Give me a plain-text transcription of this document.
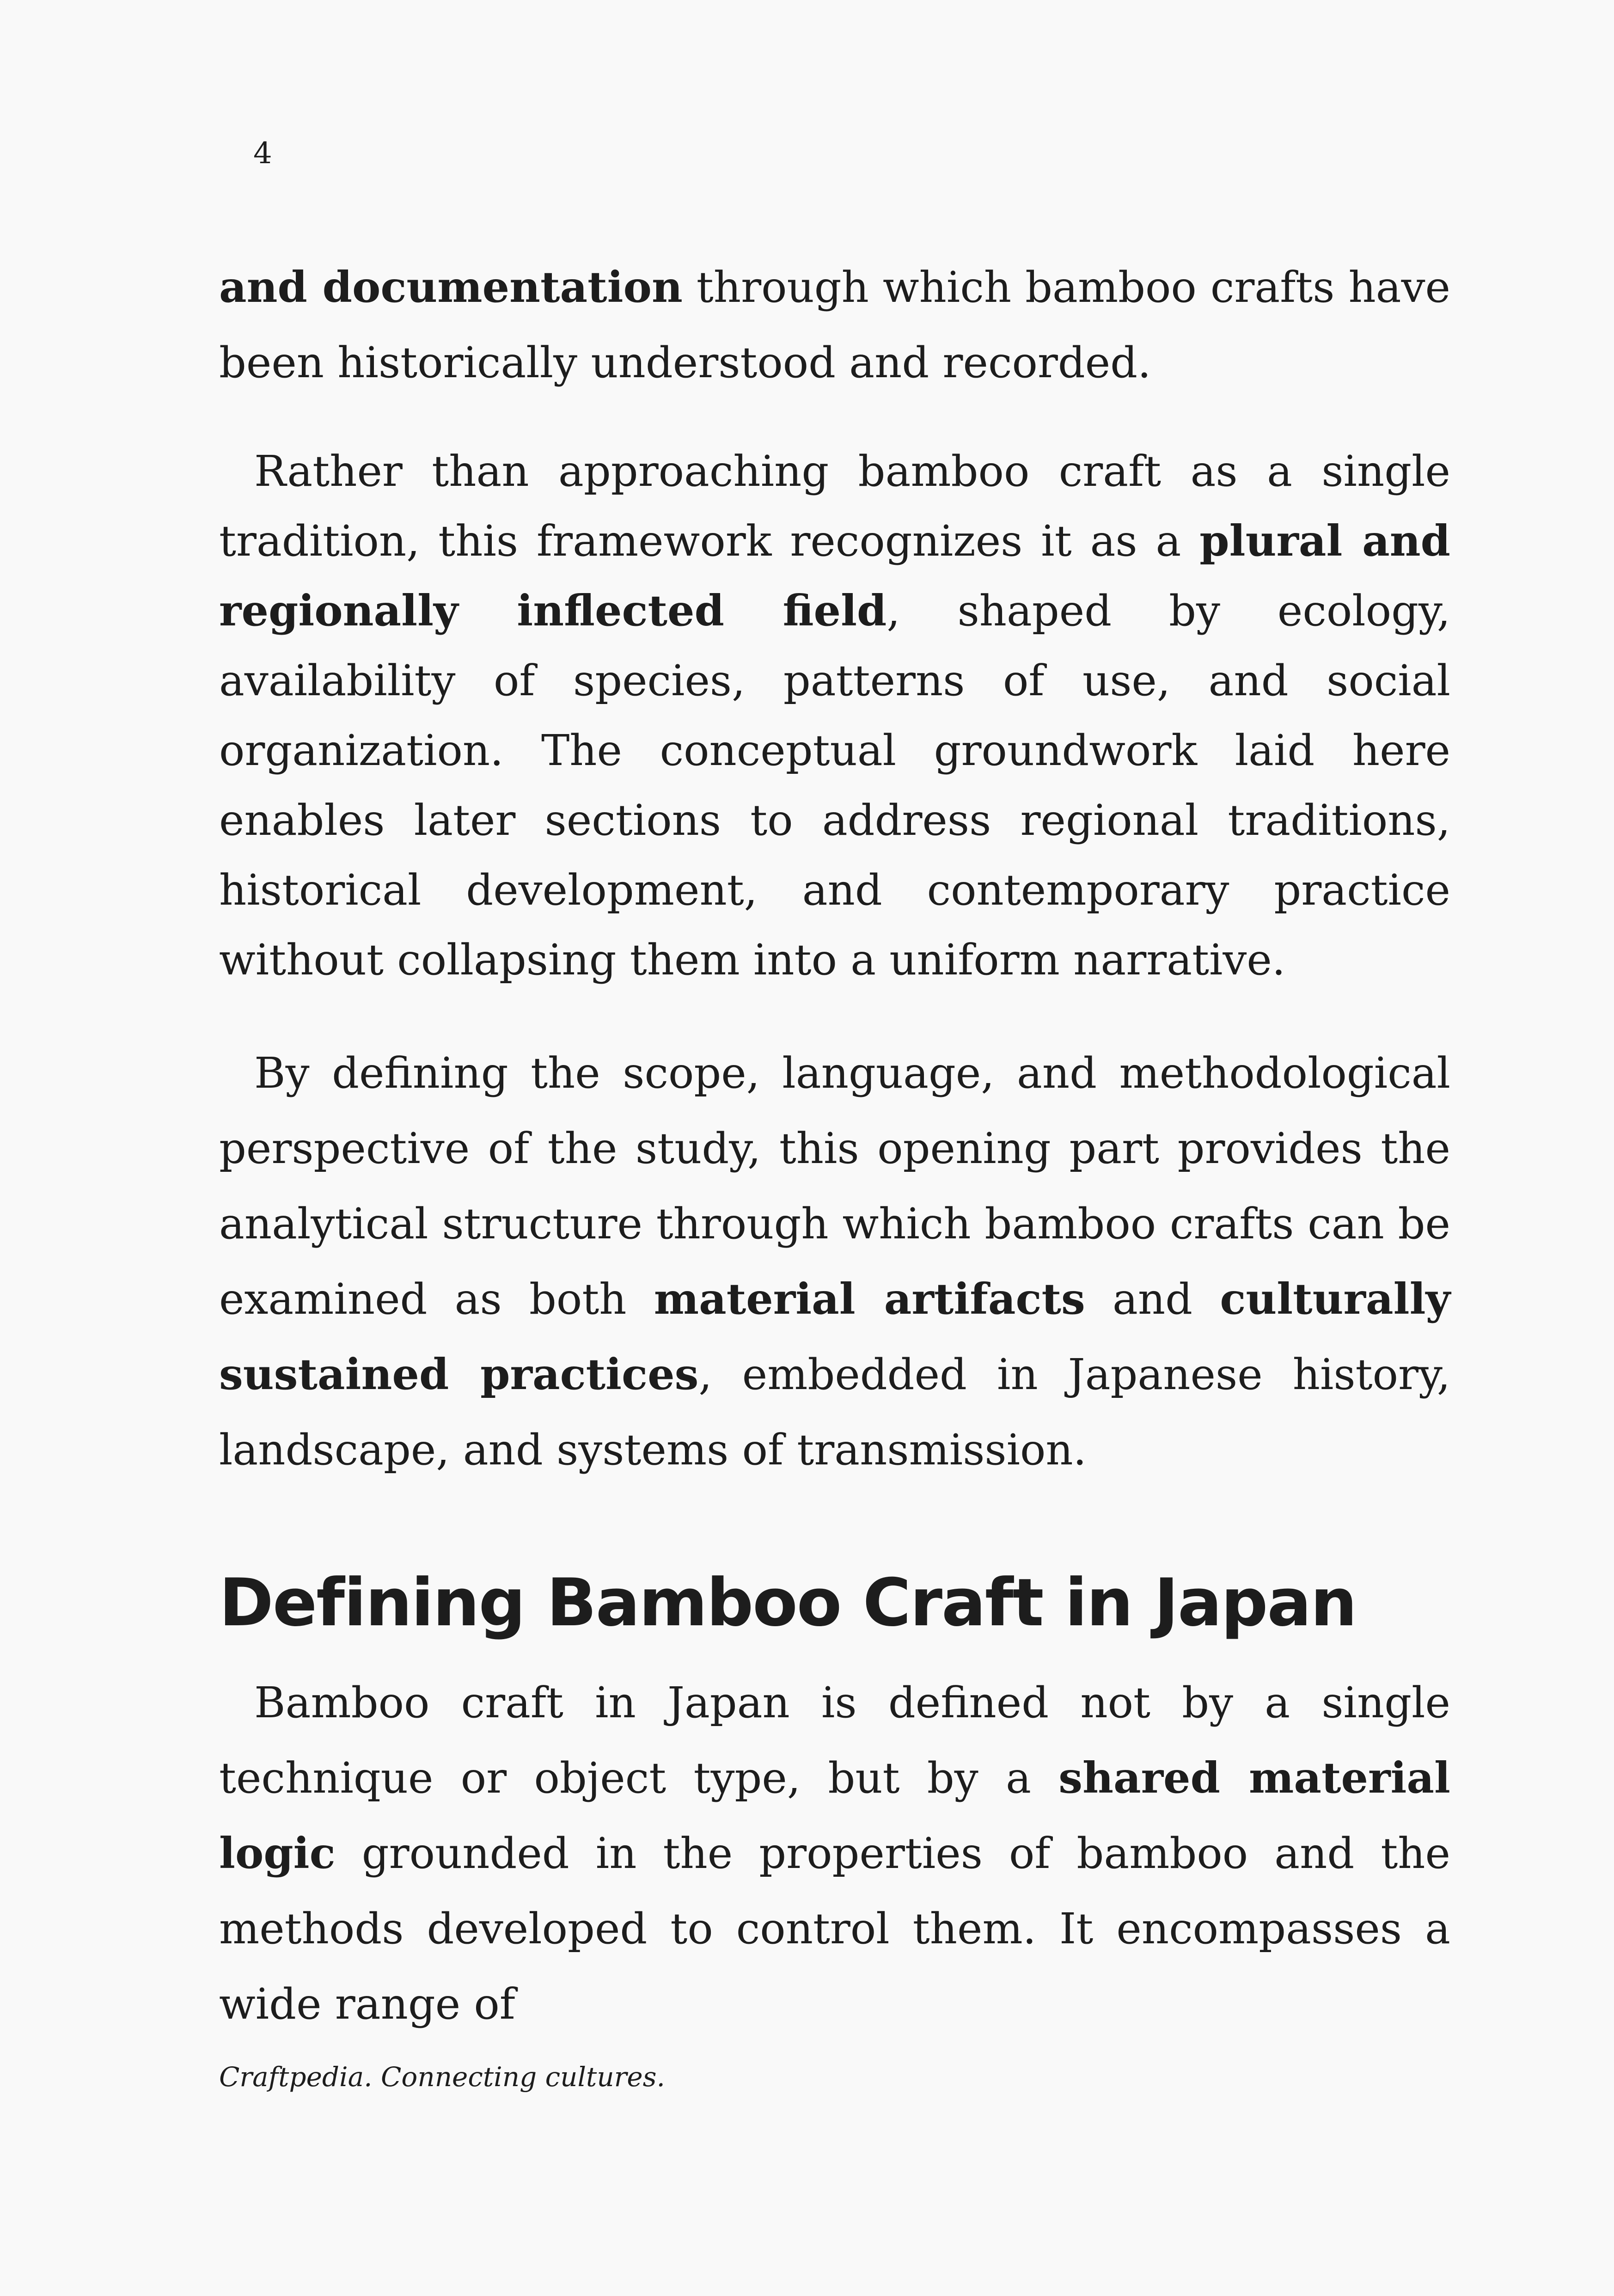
4

and documentation through which bamboo crafts have been historically understood and recorded.

Rather than approaching bamboo craft as a single tradition, this framework recognizes it as a plural and regionally inflected field, shaped by ecology, availability of species, patterns of use, and social organization. The conceptual groundwork laid here enables later sections to address regional traditions, historical development, and contemporary practice without collapsing them into a uniform narrative.

By defining the scope, language, and methodological perspective of the study, this opening part provides the analytical structure through which bamboo crafts can be examined as both material artifacts and culturally sustained practices, embedded in Japanese history, landscape, and systems of transmission.

Defining Bamboo Craft in Japan

Bamboo craft in Japan is defined not by a single technique or object type, but by a shared material logic grounded in the properties of bamboo and the methods developed to control them. It encompasses a wide range of

Craftpedia. Connecting cultures.
